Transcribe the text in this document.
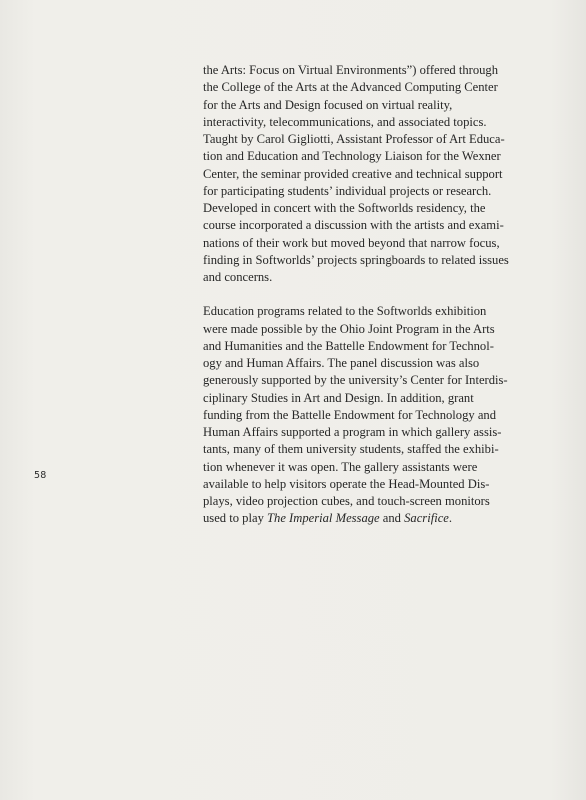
58

the Arts: Focus on Virtual Environments”) offered through
the College of the Arts at the Advanced Computing Center
for the Arts and Design focused on virtual reality,
interactivity, telecommunications, and associated topics.
Taught by Carol Gigliotti, Assistant Professor of Art Educa-
tion and Education and Technology Liaison for the Wexner
Center, the seminar provided creative and technical support
for participating students’ individual projects or research.
Developed in concert with the Softworlds residency, the
course incorporated a discussion with the artists and exami-
nations of their work but moved beyond that narrow focus,
finding in Softworlds’ projects springboards to related issues
and concerns.

Education programs related to the Softworlds exhibition
were made possible by the Ohio Joint Program in the Arts
and Humanities and the Battelle Endowment for Technol-
ogy and Human Affairs. The panel discussion was also
generously supported by the university’s Center for Interdis-
ciplinary Studies in Art and Design. In addition, grant
funding from the Battelle Endowment for Technology and
Human Affairs supported a program in which gallery assis-
tants, many of them university students, staffed the exhibi-
tion whenever it was open. The gallery assistants were
available to help visitors operate the Head-Mounted Dis-
plays, video projection cubes, and touch-screen monitors
used to play The Imperial Message and Sacrifice.
